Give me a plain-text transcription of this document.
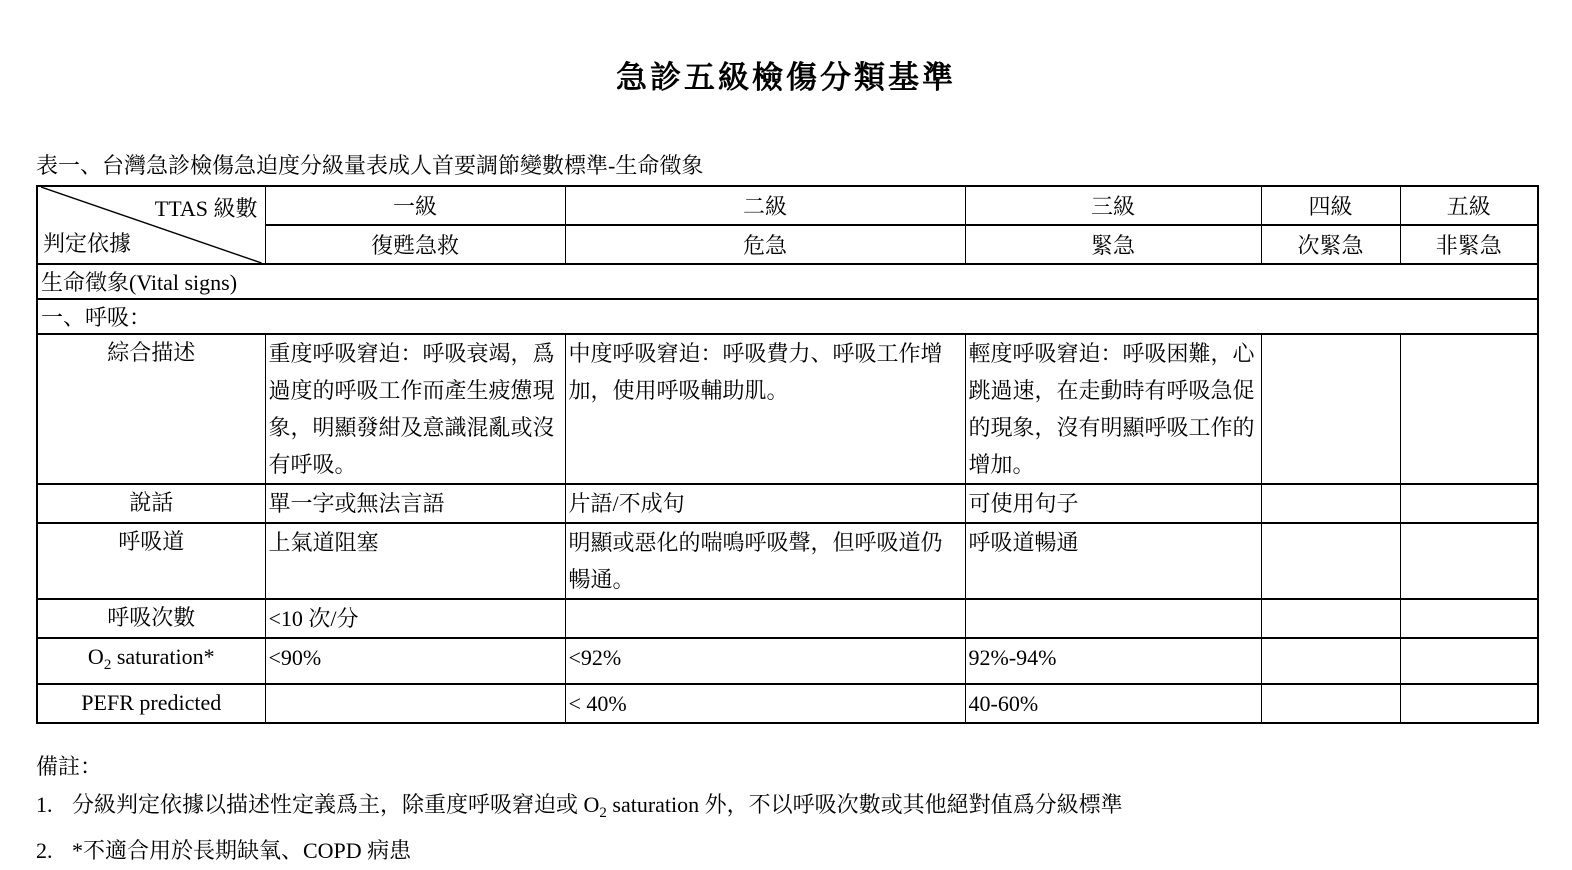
急診五級檢傷分類基準
表一、台灣急診檢傷急迫度分級量表成人首要調節變數標準-生命徵象
TTAS 級數
判定依據	一級	二級	三級	四級	五級
	復甦急救	危急	緊急	次緊急	非緊急
生命徵象(Vital signs)					
一、呼吸：					
綜合描述	重度呼吸窘迫：呼吸衰竭，爲過度的呼吸工作而產生疲憊現象，明顯發紺及意識混亂或沒有呼吸。	中度呼吸窘迫：呼吸費力、呼吸工作增加，使用呼吸輔助肌。	輕度呼吸窘迫：呼吸困難，心跳過速，在走動時有呼吸急促的現象，沒有明顯呼吸工作的增加。		
說話	單一字或無法言語	片語/不成句	可使用句子		
呼吸道	上氣道阻塞	明顯或惡化的喘鳴呼吸聲，但呼吸道仍暢通。	呼吸道暢通		
呼吸次數	<10 次/分				
$O_2$ saturation*	<90%	<92%	92%-94%		
PEFR predicted		< 40%	40-60%		
備註：
1. 分級判定依據以描述性定義爲主，除重度呼吸窘迫或 $O_2$ saturation 外，不以呼吸次數或其他絕對值爲分級標準
2. *不適合用於長期缺氧、COPD 病患
